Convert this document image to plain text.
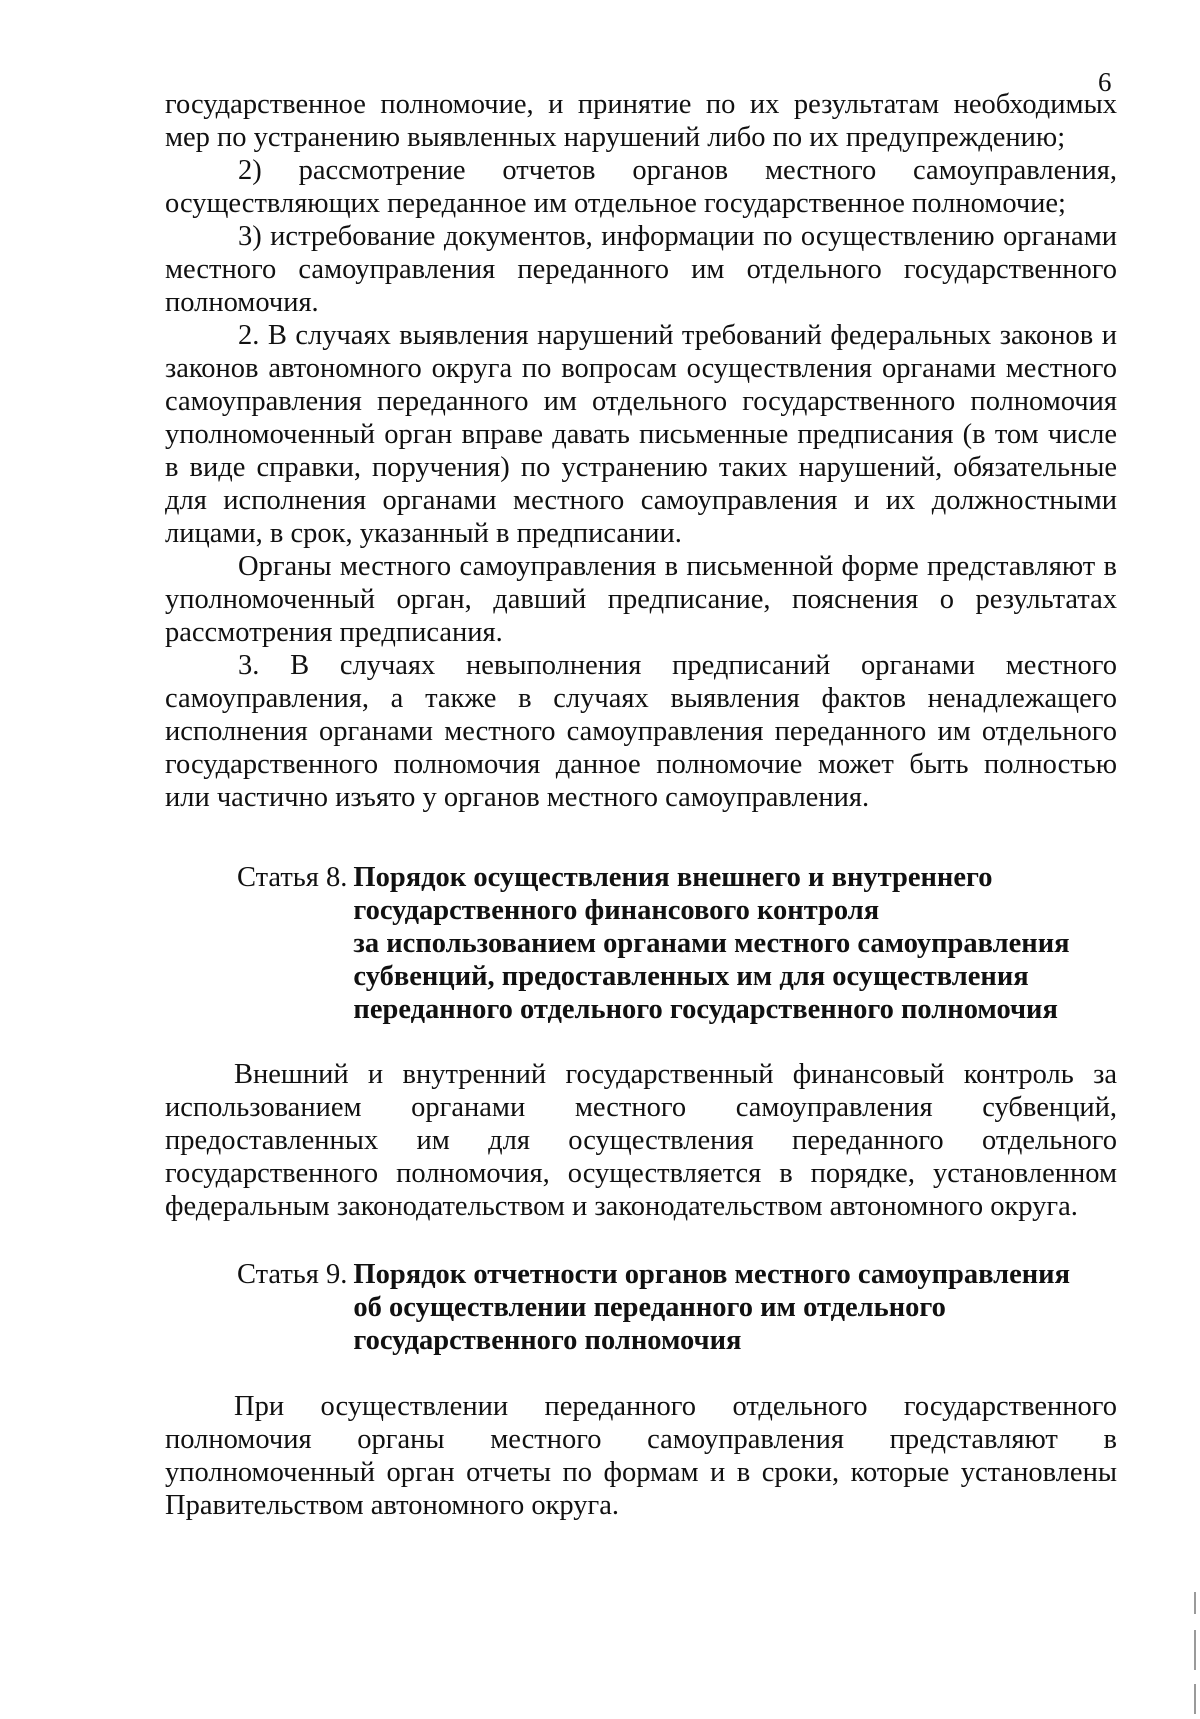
6

государственное полномочие, и принятие по их результатам необходимых мер по устранению выявленных нарушений либо по их предупреждению;

2) рассмотрение отчетов органов местного самоуправления, осуществляющих переданное им отдельное государственное полномочие;

3) истребование документов, информации по осуществлению органами местного самоуправления переданного им отдельного государственного полномочия.

2. В случаях выявления нарушений требований федеральных законов и законов автономного округа по вопросам осуществления органами местного самоуправления переданного им отдельного государственного полномочия уполномоченный орган вправе давать письменные предписания (в том числе в виде справки, поручения) по устранению таких нарушений, обязательные для исполнения органами местного самоуправления и их должностными лицами, в срок, указанный в предписании.

Органы местного самоуправления в письменной форме представляют в уполномоченный орган, давший предписание, пояснения о результатах рассмотрения предписания.

3. В случаях невыполнения предписаний органами местного самоуправления, а также в случаях выявления фактов ненадлежащего исполнения органами местного самоуправления переданного им отдельного государственного полномочия данное полномочие может быть полностью или частично изъято у органов местного самоуправления.

Статья 8. Порядок осуществления внешнего и внутреннего
государственного финансового контроля
за использованием органами местного самоуправления
субвенций, предоставленных им для осуществления
переданного отдельного государственного полномочия

Внешний и внутренний государственный финансовый контроль за использованием органами местного самоуправления субвенций, предоставленных им для осуществления переданного отдельного государственного полномочия, осуществляется в порядке, установленном федеральным законодательством и законодательством автономного округа.

Статья 9. Порядок отчетности органов местного самоуправления
об осуществлении переданного им отдельного
государственного полномочия

При осуществлении переданного отдельного государственного полномочия органы местного самоуправления представляют в уполномоченный орган отчеты по формам и в сроки, которые установлены Правительством автономного округа.
